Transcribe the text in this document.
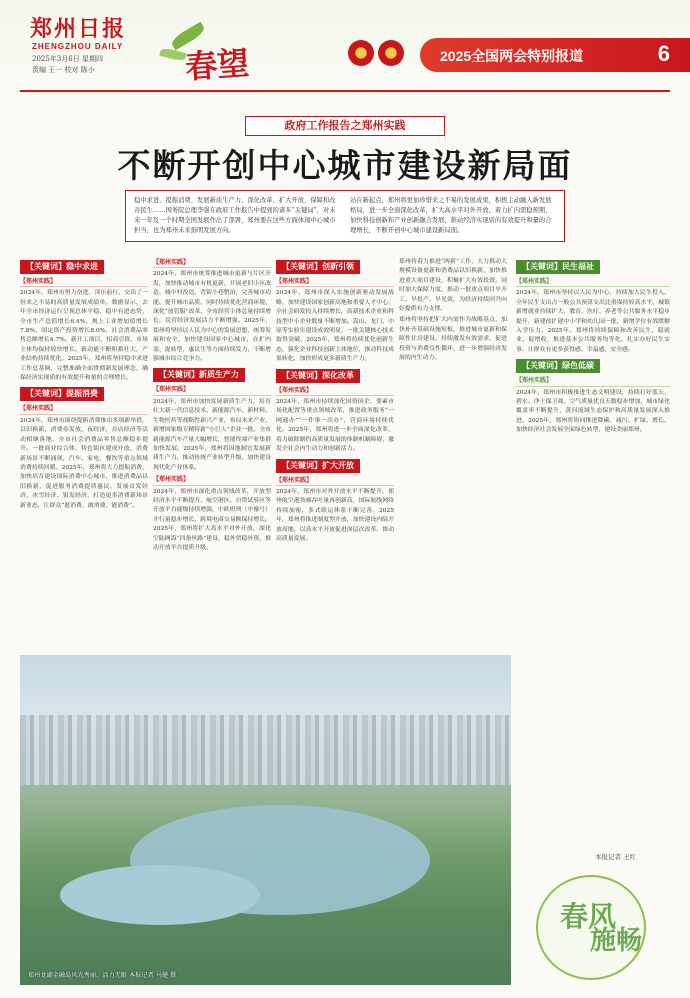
郑州日报
ZHENGZHOU DAILY
2025年3月6日 星期四
责编 王一 校对 陈小	春望	2025全国两会特别报道	6
政府工作报告之郑州实践
不断开创中心城市建设新局面
稳中求进、提振消费、发展新质生产力、深化改革、扩大开放、保障和改善民生……国务院总理李强在政府工作报告中提到的诸多“关键词”，对未来一年及一个时期全国发展作出了部署，郑州要在这些方面体现中心城市担当，也为郑州未来指明发展方向。
站在新起点，郑州将更加珍惜来之不易的发展成果，积极主动融入新发展格局，进一步全面深化改革，扩大高水平对外开放，着力扩内需稳预期，加快科技创新和产业创新融合发展，推动经济实现质的有效提升和量的合理增长，不断开创中心城市建设新局面。
【关键词】稳中求进
【郑州实践】

2024年，郑州市努力奋进、顶压前行，交出了一份来之不易的高质量发展成绩单。数据显示，去年全市经济运行呈现总体平稳、稳中有进态势，全市生产总值增长6.4%，规上工业增加值增长7.8%，固定资产投资增长8.0%，社会消费品零售总额增长4.7%。新开工项目、招商引资、市场主体均保持较快增长，新动能不断积蓄壮大，产业结构持续优化。2025年，郑州将坚持稳中求进工作总基调，完整准确全面贯彻新发展理念，确保经济实现质的有效提升和量的合理增长。

【关键词】提振消费
【郑州实践】

2024年，郑州市围绕提振消费推出多项新举措，以旧换新、消费券发放、夜经济、首店经济等活动相继落地，全市社会消费品零售总额稳步提升。一批商业综合体、特色街区建成开放，消费新场景不断涌现，汽车、家电、餐饮等重点领域消费持续回暖。2025年，郑州将大力提振消费，加快培育建设国际消费中心城市，推进消费品以旧换新，促进服务消费提质惠民，发展首发经济、冰雪经济、银发经济，打造更多消费新场景新业态，让群众“愿消费、敢消费、能消费”。

【郑州实践】

2024年，郑州市统筹推进城市更新与片区开发，加快推动城市有机更新，开展老旧小区改造、城中村改造、背街小巷整治，完善城市功能、提升城市品质。同时持续优化营商环境，深化“放管服”改革，全市经营主体总量持续增长，民营经济发展活力不断增强。2025年，郑州将坚持以人民为中心的发展思想，统筹发展和安全，加快建设国家中心城市，在扩内需、促转型、惠民生等方面持续发力，不断增强城市综合竞争力。

【关键词】新质生产力
【郑州实践】

2024年，郑州市加快发展新质生产力，培育壮大新一代信息技术、新能源汽车、新材料、生物医药等战略性新兴产业，布局未来产业，新增国家级专精特新“小巨人”企业一批。全市新能源汽车产量大幅增长，智能终端产业集群加快发展。2025年，郑州将因地制宜发展新质生产力，推动传统产业转型升级，加快建设现代化产业体系。

【郑州实践】

2024年，郑州市深化重点领域改革，开放型经济水平不断提升，航空港区、自贸试验区等开放平台能级持续增强，中欧班列（中豫号）开行量稳步增长，跨境电商交易额保持增长。2025年，郑州将扩大高水平对外开放，深化空陆网海“四条丝路”建设，稳外贸稳外资，推动开放平台提质升级。

【关键词】创新引领
【郑州实践】

2024年，郑州市深入实施创新驱动发展战略，加快建设国家创新高地和重要人才中心，全社会研发投入持续增长，高新技术企业和科技型中小企业数量不断增加。嵩山、龙门、中原等实验室建设成效明显，一批关键核心技术取得突破。2025年，郑州将持续优化创新生态，强化企业科技创新主体地位，推动科技成果转化，加快形成更多新质生产力。

【关键词】深化改革
【郑州实践】

2024年，郑州市持续深化国资国企、要素市场化配置等重点领域改革，推进政务服务“一网通办”“一件事一次办”，营商环境持续优化。2025年，郑州将进一步全面深化改革，着力破除制约高质量发展的体制机制障碍，激发全社会内生动力和创新活力。

【关键词】扩大开放
【郑州实践】

2024年，郑州市对外开放水平不断提升，郑州航空港货邮吞吐量再创新高，国际航线网络持续加密，多式联运体系不断完善。2025年，郑州将推进制度型开放，加快建设内陆开放高地，以高水平开放促进深层次改革、推动高质量发展。

郑州将着力推进“两新”工作，大力推动大规模设备更新和消费品以旧换新，加快推进重大项目建设，积极扩大有效投资。同时加大保障力度，推动一批重点项目早开工、早投产、早见效，为经济持续回升向好提供有力支撑。

郑州将坚持把扩大内需作为战略基点，加快补齐基础设施短板，推进城市更新和保障性住房建设，持续激发有效需求，促进投资与消费良性循环，进一步增强经济发展的内生动力。

【关键词】民生福祉
【郑州实践】

2024年，郑州市坚持以人民为中心，持续加大民生投入，全年民生支出占一般公共预算支出比重保持较高水平。城镇新增就业持续扩大，教育、医疗、养老等公共服务水平稳步提升，新建改扩建中小学和幼儿园一批，新增学位有效缓解入学压力。2025年，郑州将持续保障和改善民生，稳就业、促增收，推进基本公共服务均等化，扎实办好民生实事，让群众有更多获得感、幸福感、安全感。

【关键词】绿色低碳
【郑州实践】

2024年，郑州市积极推进生态文明建设，持续打好蓝天、碧水、净土保卫战，空气质量优良天数稳步增加，城市绿化覆盖率不断提升，黄河流域生态保护和高质量发展深入推进。2025年，郑州将协同推进降碳、减污、扩绿、增长，加快经济社会发展全面绿色转型，建设美丽郑州。

本报记者 王红
郑州龙湖金融岛风光秀丽、活力无限 本报记者 马健 摄
春风
施畅
